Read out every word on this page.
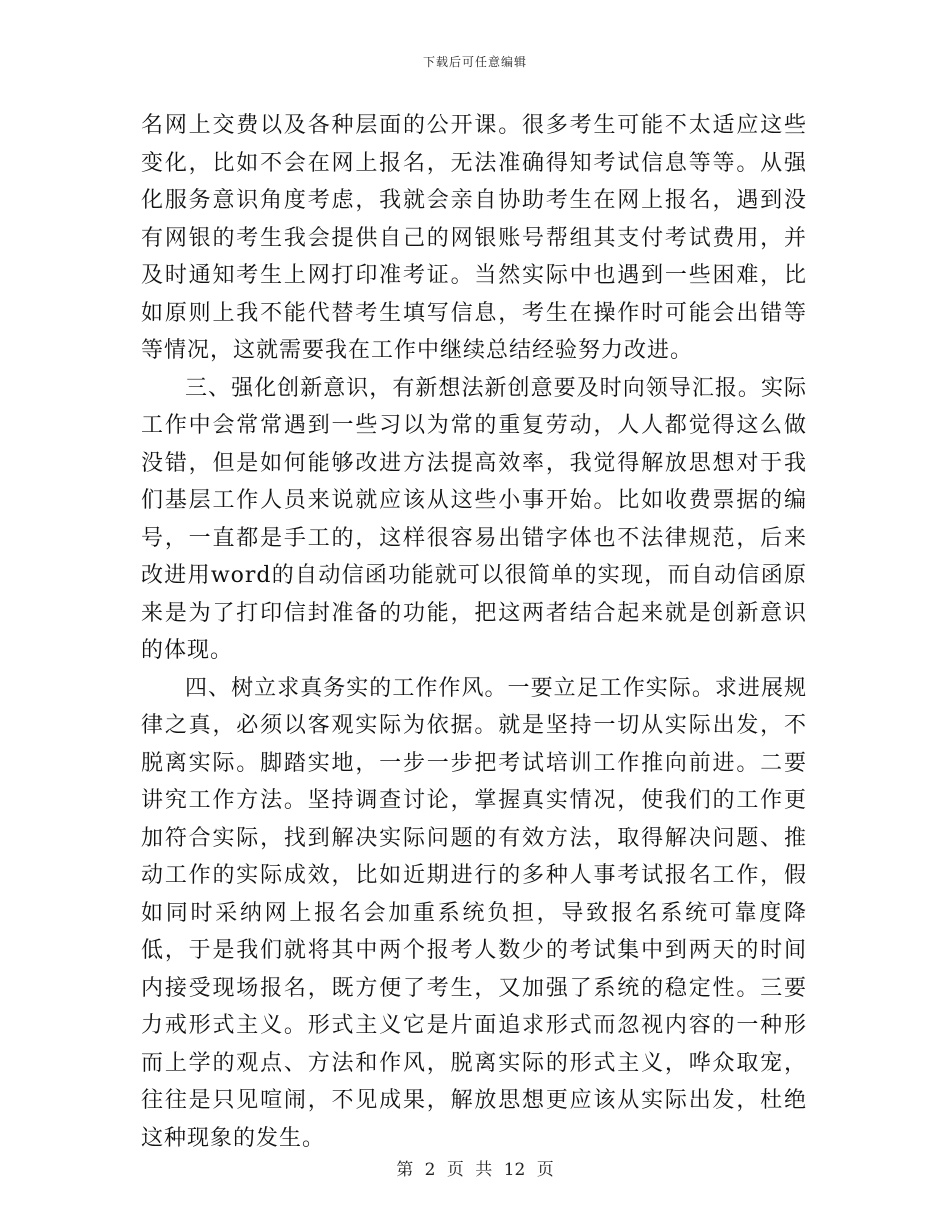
下载后可任意编辑

名网上交费以及各种层面的公开课。很多考生可能不太适应这些变化，比如不会在网上报名，无法准确得知考试信息等等。从强化服务意识角度考虑，我就会亲自协助考生在网上报名，遇到没有网银的考生我会提供自己的网银账号帮组其支付考试费用，并及时通知考生上网打印准考证。当然实际中也遇到一些困难，比如原则上我不能代替考生填写信息，考生在操作时可能会出错等等情况，这就需要我在工作中继续总结经验努力改进。

三、强化创新意识，有新想法新创意要及时向领导汇报。实际工作中会常常遇到一些习以为常的重复劳动，人人都觉得这么做没错，但是如何能够改进方法提高效率，我觉得解放思想对于我们基层工作人员来说就应该从这些小事开始。比如收费票据的编号，一直都是手工的，这样很容易出错字体也不法律规范，后来改进用word的自动信函功能就可以很简单的实现，而自动信函原来是为了打印信封准备的功能，把这两者结合起来就是创新意识的体现。

四、树立求真务实的工作作风。一要立足工作实际。求进展规律之真，必须以客观实际为依据。就是坚持一切从实际出发，不脱离实际。脚踏实地，一步一步把考试培训工作推向前进。二要讲究工作方法。坚持调查讨论，掌握真实情况，使我们的工作更加符合实际，找到解决实际问题的有效方法，取得解决问题、推动工作的实际成效，比如近期进行的多种人事考试报名工作，假如同时采纳网上报名会加重系统负担，导致报名系统可靠度降低，于是我们就将其中两个报考人数少的考试集中到两天的时间内接受现场报名，既方便了考生，又加强了系统的稳定性。三要力戒形式主义。形式主义它是片面追求形式而忽视内容的一种形而上学的观点、方法和作风，脱离实际的形式主义，哗众取宠，往往是只见喧闹，不见成果，解放思想更应该从实际出发，杜绝这种现象的发生。

第 2 页 共 12 页
